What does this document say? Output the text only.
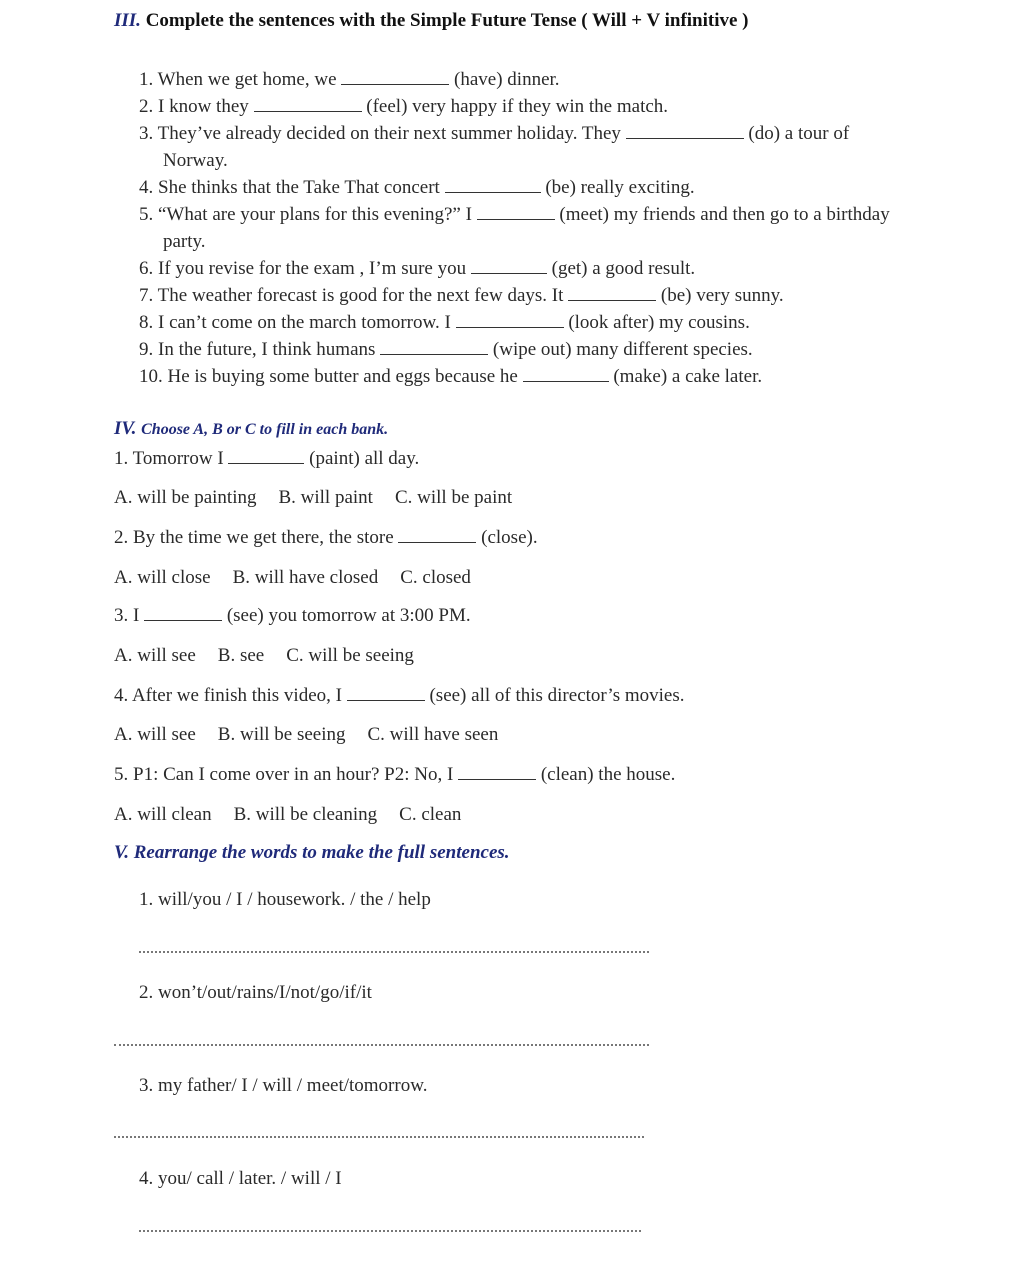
III. Complete the sentences with the Simple Future Tense ( Will + V infinitive )
1. When we get home, we	(have) dinner.
2. I know they	(feel) very happy if they win the match.
3. They’ve already decided on their next summer holiday. They	(do) a tour of
Norway.
4. She thinks that the Take That concert	(be) really exciting.
5. “What are your plans for this evening?” I	(meet) my friends and then go to a birthday
party.
6. If you revise for the exam , I’m sure you	(get) a good result.
7. The weather forecast is good for the next few days. It	(be) very sunny.
8. I can’t come on the march tomorrow. I	(look after) my cousins.
9. In the future, I think humans	(wipe out) many different species.
10. He is buying some butter and eggs because he	(make) a cake later.
IV. Choose A, B or C to fill in each bank.
1. Tomorrow I	(paint) all day.
A. will be painting B. will paint C. will be paint
2. By the time we get there, the store	(close).
A. will close B. will have closed C. closed
3. I	(see) you tomorrow at 3:00 PM.
A. will see B. see C. will be seeing
4. After we finish this video, I	(see) all of this director’s movies.
A. will see B. will be seeing C. will have seen
5. P1: Can I come over in an hour? P2: No, I	(clean) the house.
A. will clean B. will be cleaning C. clean
V. Rearrange the words to make the full sentences.
1. will/you / I / housework. / the / help
2. won’t/out/rains/I/not/go/if/it
3. my father/ I / will / meet/tomorrow.
4. you/ call / later. / will / I
